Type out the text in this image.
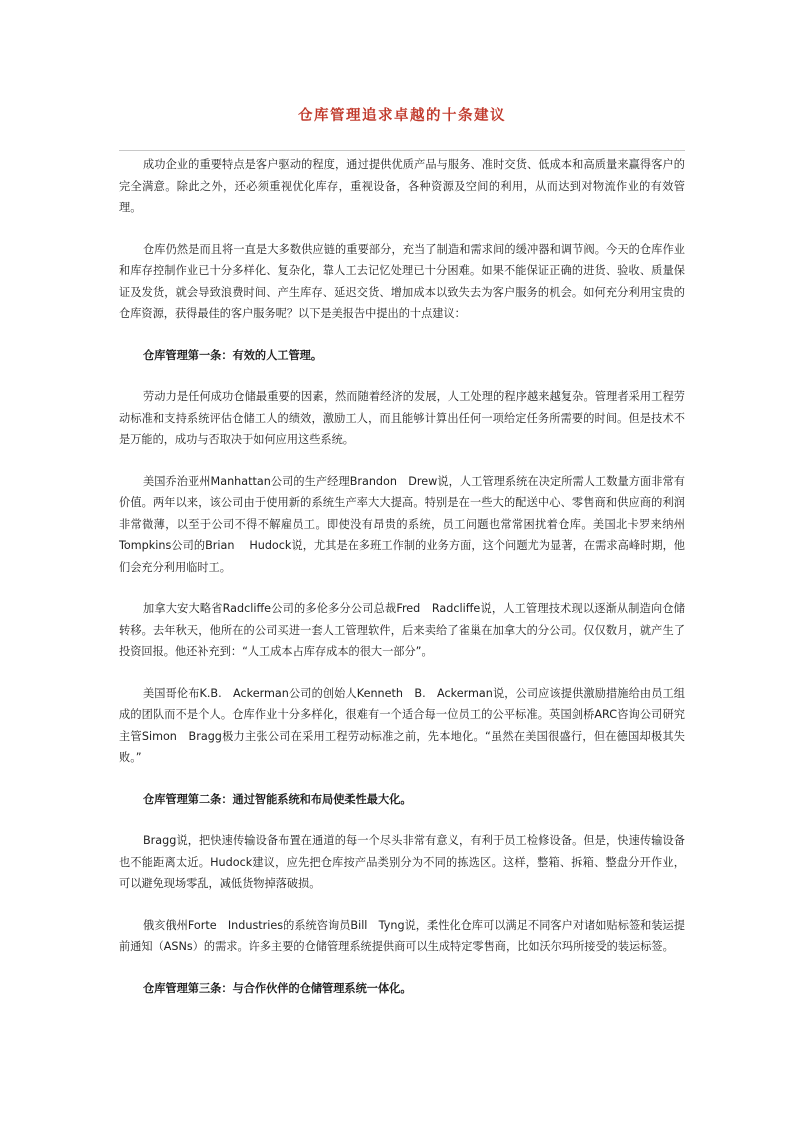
仓库管理追求卓越的十条建议

成功企业的重要特点是客户驱动的程度，通过提供优质产品与服务、准时交货、低成本和高质量来赢得客户的完全满意。除此之外，还必须重视优化库存，重视设备，各种资源及空间的利用，从而达到对物流作业的有效管理。

仓库仍然是而且将一直是大多数供应链的重要部分，充当了制造和需求间的缓冲器和调节阀。今天的仓库作业和库存控制作业已十分多样化、复杂化，靠人工去记忆处理已十分困难。如果不能保证正确的进货、验收、质量保证及发货，就会导致浪费时间、产生库存、延迟交货、增加成本以致失去为客户服务的机会。如何充分利用宝贵的仓库资源，获得最佳的客户服务呢？以下是美报告中提出的十点建议：

仓库管理第一条：有效的人工管理。

劳动力是任何成功仓储最重要的因素，然而随着经济的发展，人工处理的程序越来越复杂。管理者采用工程劳动标准和支持系统评估仓储工人的绩效，激励工人，而且能够计算出任何一项给定任务所需要的时间。但是技术不是万能的，成功与否取决于如何应用这些系统。

美国乔治亚州Manhattan公司的生产经理Brandon　Drew说，人工管理系统在决定所需人工数量方面非常有价值。两年以来，该公司由于使用新的系统生产率大大提高。特别是在一些大的配送中心、零售商和供应商的利润非常微薄，以至于公司不得不解雇员工。即使没有昂贵的系统，员工问题也常常困扰着仓库。美国北卡罗来纳州Tompkins公司的Brian　 Hudock说，尤其是在多班工作制的业务方面，这个问题尤为显著，在需求高峰时期，他们会充分利用临时工。

加拿大安大略省Radcliffe公司的多伦多分公司总裁Fred　Radcliffe说，人工管理技术现以逐渐从制造向仓储转移。去年秋天，他所在的公司买进一套人工管理软件，后来卖给了雀巢在加拿大的分公司。仅仅数月，就产生了投资回报。他还补充到：“人工成本占库存成本的很大一部分”。

美国哥伦布K.B.　Ackerman公司的创始人Kenneth　B.　Ackerman说，公司应该提供激励措施给由员工组成的团队而不是个人。仓库作业十分多样化，很难有一个适合每一位员工的公平标准。英国剑桥ARC咨询公司研究主管Simon　Bragg极力主张公司在采用工程劳动标准之前，先本地化。“虽然在美国很盛行，但在德国却极其失败。”

仓库管理第二条：通过智能系统和布局使柔性最大化。

Bragg说，把快速传输设备布置在通道的每一个尽头非常有意义，有利于员工检修设备。但是，快速传输设备也不能距离太近。Hudock建议，应先把仓库按产品类别分为不同的拣选区。这样，整箱、拆箱、整盘分开作业，可以避免现场零乱，减低货物掉落破损。

俄亥俄州Forte　Industries的系统咨询员Bill　Tyng说，柔性化仓库可以满足不同客户对诸如贴标签和装运提前通知（ASNs）的需求。许多主要的仓储管理系统提供商可以生成特定零售商，比如沃尔玛所接受的装运标签。

仓库管理第三条：与合作伙伴的仓储管理系统一体化。
